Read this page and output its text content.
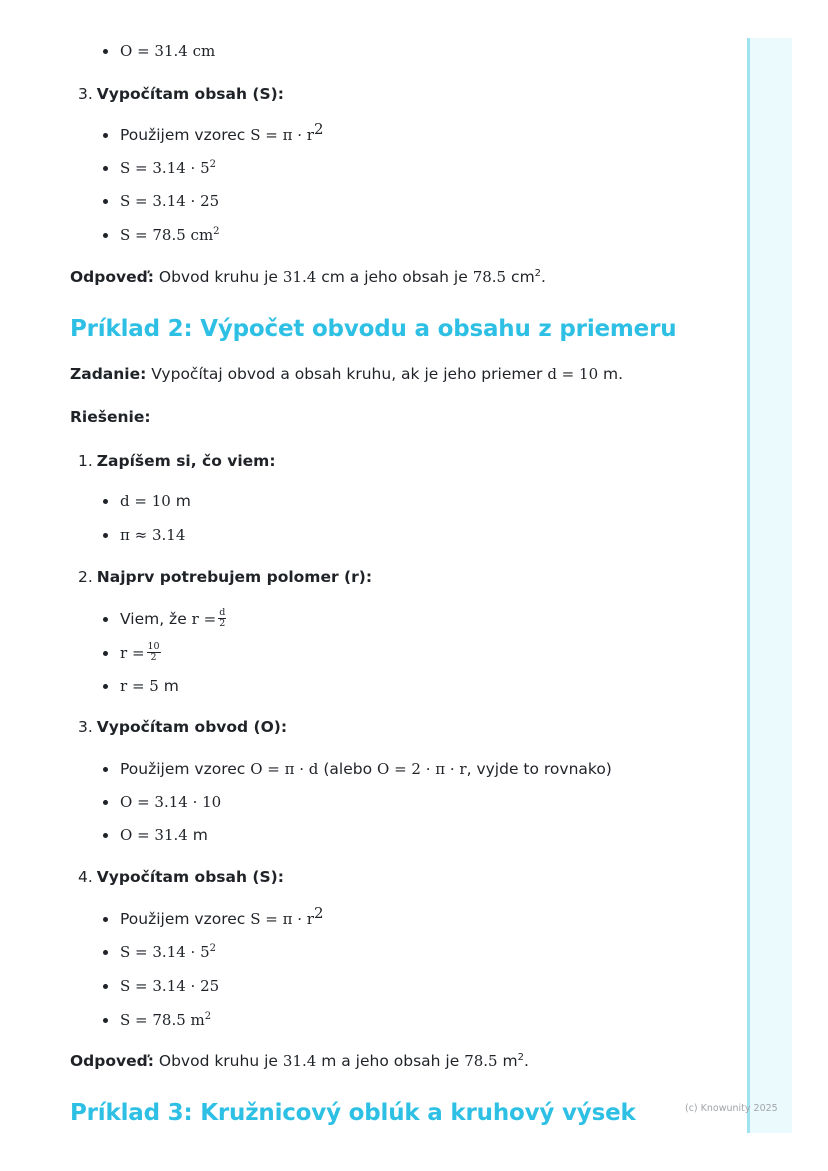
O = 31.4 cm
3. Vypočítam obsah (S):
Použijem vzorec $S = \pi \cdot r^2$
$S = 3.14 \cdot 5^2$
S = 3.14 · 25
S = 78.5 $cm^2$
Odpoveď: Obvod kruhu je 31.4 cm a jeho obsah je 78.5 $cm^2$.
Príklad 2: Výpočet obvodu a obsahu z priemeru
Zadanie: Vypočítaj obvod a obsah kruhu, ak je jeho priemer d = 10 m.
Riešenie:
1. Zapíšem si, čo viem:
d = 10 m
π ≈ 3.14
2. Najprv potrebujem polomer (r):
Viem, že $r = \frac{d}{2}$
$r = \frac{10}{2}$
r = 5 m
3. Vypočítam obvod (O):
Použijem vzorec O = π · d (alebo O = 2 · π · r, vyjde to rovnako)
O = 3.14 · 10
O = 31.4 m
4. Vypočítam obsah (S):
Použijem vzorec $S = \pi \cdot r^2$
$S = 3.14 \cdot 5^2$
S = 3.14 · 25
S = 78.5 $m^2$
Odpoveď: Obvod kruhu je 31.4 m a jeho obsah je 78.5 $m^2$.
Príklad 3: Kružnicový oblúk a kruhový výsek	(c) Knowunity 2025
